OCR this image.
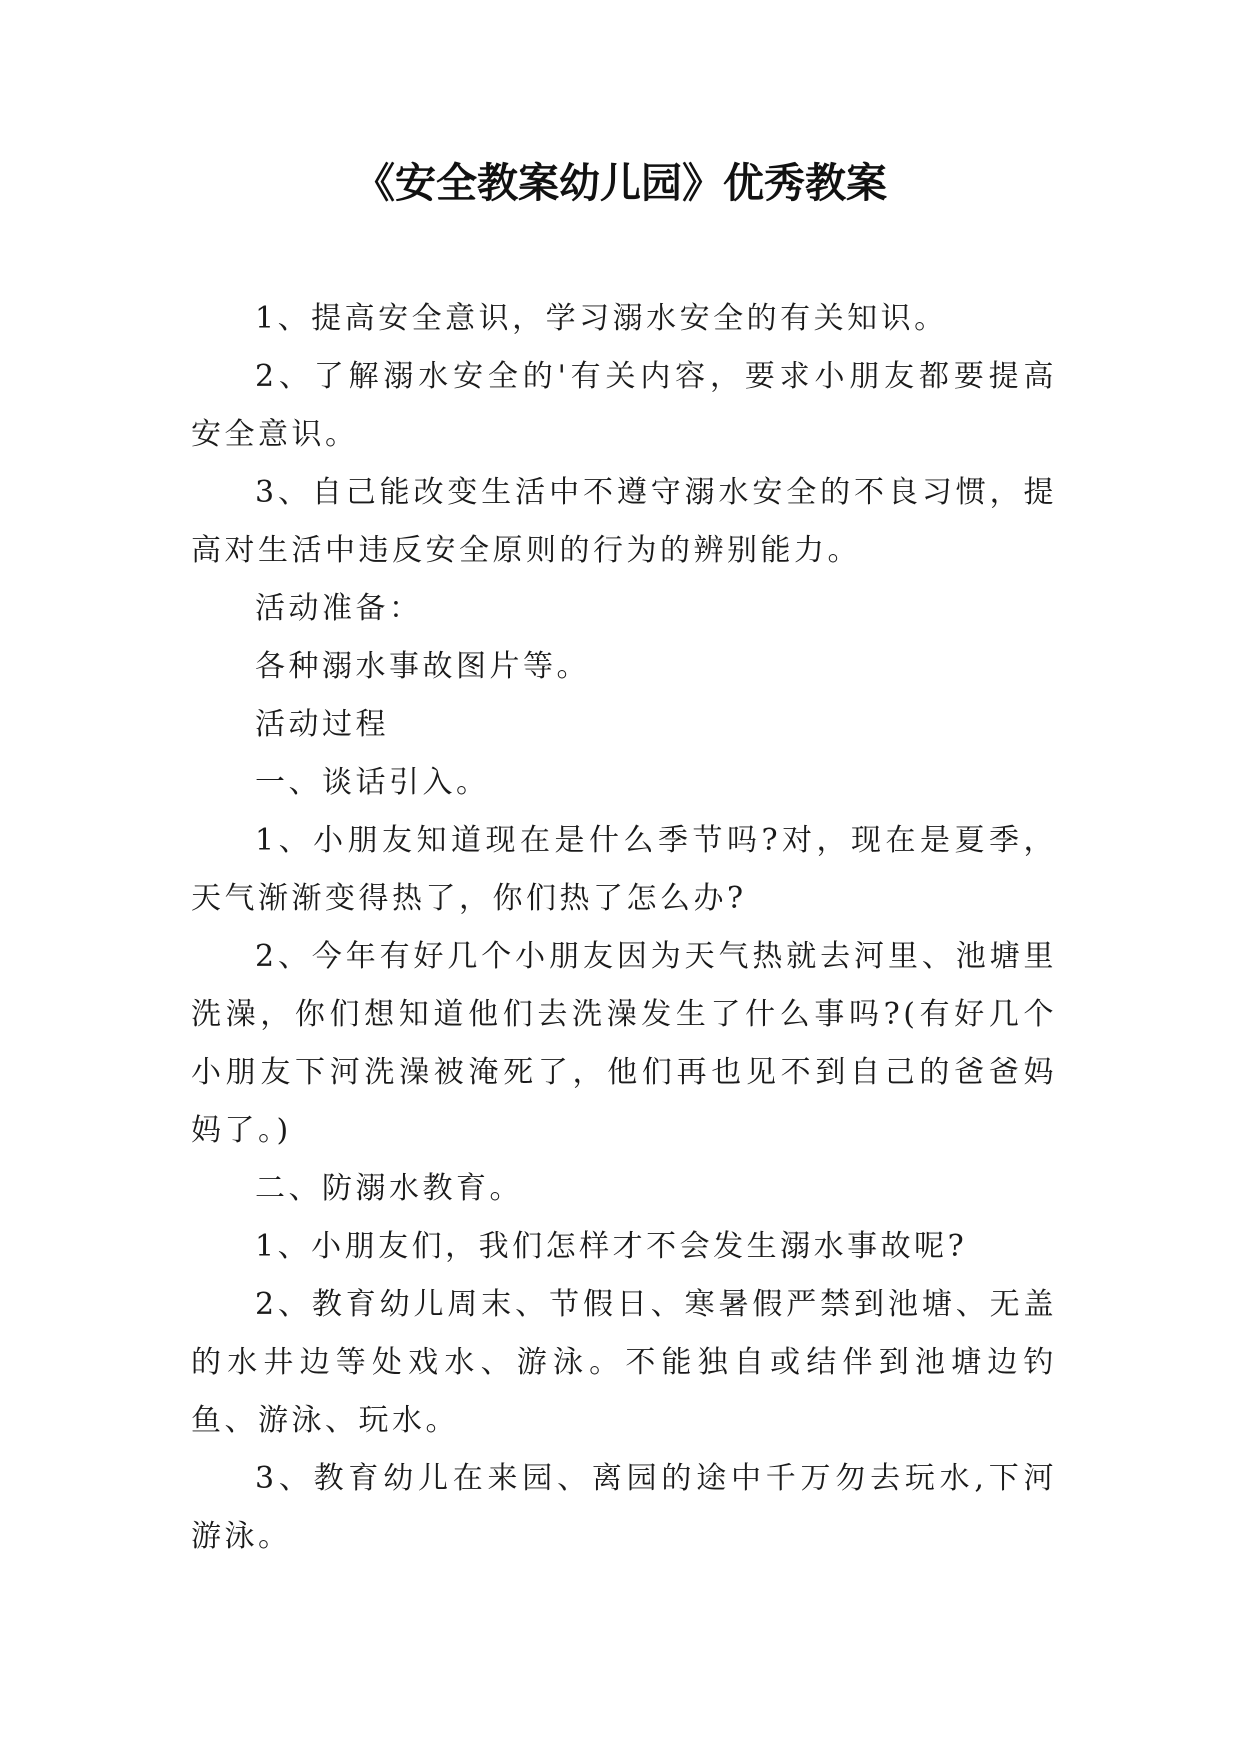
《安全教案幼儿园》优秀教案

1、提高安全意识，学习溺水安全的有关知识。

2、了解溺水安全的'有关内容，要求小朋友都要提高安全意识。

3、自己能改变生活中不遵守溺水安全的不良习惯，提高对生活中违反安全原则的行为的辨别能力。

活动准备：

各种溺水事故图片等。

活动过程

一、谈话引入。

1、小朋友知道现在是什么季节吗?对，现在是夏季，天气渐渐变得热了，你们热了怎么办?

2、今年有好几个小朋友因为天气热就去河里、池塘里洗澡，你们想知道他们去洗澡发生了什么事吗?(有好几个小朋友下河洗澡被淹死了，他们再也见不到自己的爸爸妈妈了。)

二、防溺水教育。

1、小朋友们，我们怎样才不会发生溺水事故呢?

2、教育幼儿周末、节假日、寒暑假严禁到池塘、无盖的水井边等处戏水、游泳。不能独自或结伴到池塘边钓鱼、游泳、玩水。

3、教育幼儿在来园、离园的途中千万勿去玩水,下河游泳。
